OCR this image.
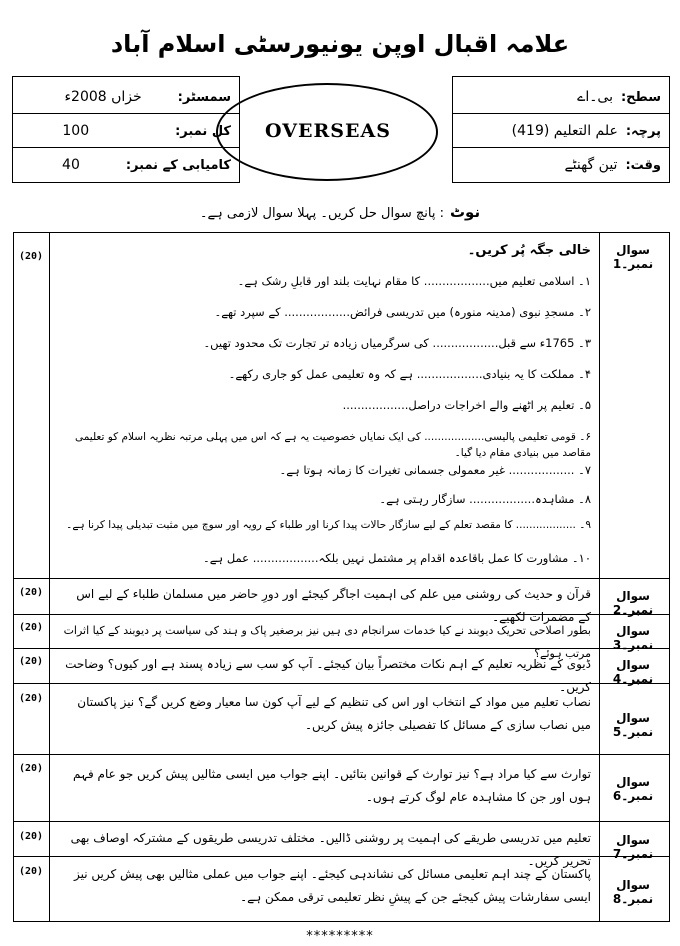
علامہ اقبال اوپن یونیورسٹی اسلام آباد
سمسٹر:
خزاں 2008ء
کل نمبر:
100
کامیابی کے نمبر:
40
OVERSEAS
سطح:
بی۔اے
پرچہ:
علم التعلیم (419)
وقت:
تین گھنٹے
نوٹ: پانچ سوال حل کریں۔ پہلا سوال لازمی ہے۔
سوال نمبر۔1
(20)	خالی جگہ پُر کریں۔
۱۔ اسلامی تعلیم میں.................. کا مقام نہایت بلند اور قابلِ رشک ہے۔
۲۔ مسجدِ نبوی (مدینہ منورہ) میں تدریسی فرائض.................. کے سپرد تھے۔
۳۔ 1765ء سے قبل.................. کی سرگرمیاں زیادہ تر تجارت تک محدود تھیں۔
۴۔ مملکت کا یہ بنیادی.................. ہے کہ وہ تعلیمی عمل کو جاری رکھے۔
۵۔ تعلیم پر اٹھنے والے اخراجات دراصل..................
۶۔ قومی تعلیمی پالیسی.................. کی ایک نمایاں خصوصیت یہ ہے کہ اس میں پہلی مرتبہ نظریہ اسلام کو تعلیمی مقاصد میں بنیادی مقام دیا گیا۔
۷۔ .................. غیر معمولی جسمانی تغیرات کا زمانہ ہوتا ہے۔
۸۔ مشاہدہ.................. سازگار رہتی ہے۔
۹۔ .................. کا مقصد تعلم کے لیے سازگار حالات پیدا کرنا اور طلباء کے رویہ اور سوچ میں مثبت تبدیلی پیدا کرنا ہے۔
۱۰۔ مشاورت کا عمل باقاعدہ اقدام پر مشتمل نہیں بلکہ.................. عمل ہے۔
سوال نمبر۔2
(20)	قرآن و حدیث کی روشنی میں علم کی اہمیت اجاگر کیجئے اور دورِ حاضر میں مسلمان طلباء کے لیے اس کے مضمرات لکھیے۔
سوال نمبر۔3
(20)	بطور اصلاحی تحریک دیوبند نے کیا خدمات سرانجام دی ہیں نیز برصغیر پاک و ہند کی سیاست پر دیوبند کے کیا اثرات مرتب ہوئے؟
سوال نمبر۔4
(20)	ڈیوی کے نظریہ تعلیم کے اہم نکات مختصراً بیان کیجئے۔ آپ کو سب سے زیادہ پسند ہے اور کیوں؟ وضاحت کریں۔
سوال نمبر۔5
(20)	نصاب تعلیم میں مواد کے انتخاب اور اس کی تنظیم کے لیے آپ کون سا معیار وضع کریں گے؟ نیز پاکستان میں نصاب سازی کے مسائل کا تفصیلی جائزہ پیش کریں۔
سوال نمبر۔6
(20)	توارث سے کیا مراد ہے؟ نیز توارث کے قوانین بتائیں۔ اپنے جواب میں ایسی مثالیں پیش کریں جو عام فہم ہوں اور جن کا مشاہدہ عام لوگ کرتے ہوں۔
سوال نمبر۔7
(20)	تعلیم میں تدریسی طریقے کی اہمیت پر روشنی ڈالیں۔ مختلف تدریسی طریقوں کے مشترکہ اوصاف بھی تحریر کریں۔
سوال نمبر۔8
(20)	پاکستان کے چند اہم تعلیمی مسائل کی نشاندہی کیجئے۔ اپنے جواب میں عملی مثالیں بھی پیش کریں نیز ایسی سفارشات پیش کیجئے جن کے پیشِ نظر تعلیمی ترقی ممکن ہے۔
*********
